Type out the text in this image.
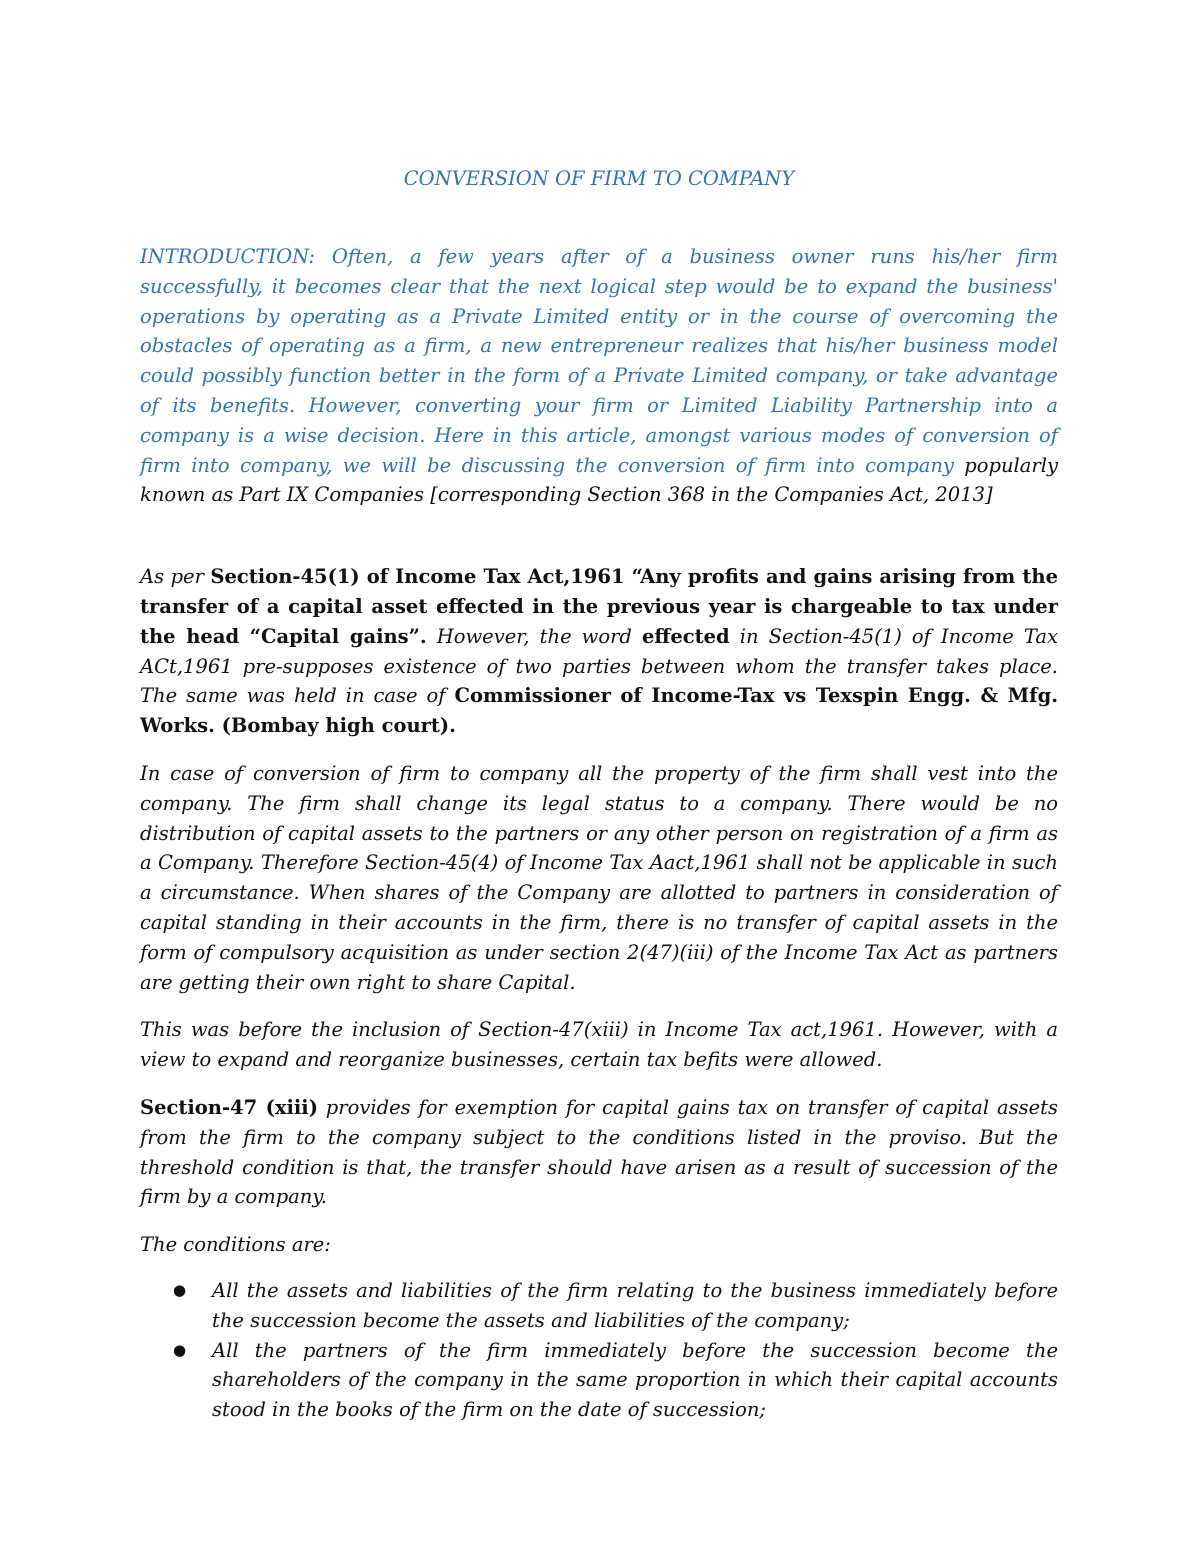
CONVERSION OF FIRM TO COMPANY

INTRODUCTION: Often, a few years after of a business owner runs his/her firm successfully, it becomes clear that the next logical step would be to expand the business' operations by operating as a Private Limited entity or in the course of overcoming the obstacles of operating as a firm, a new entrepreneur realizes that his/her business model could possibly function better in the form of a Private Limited company, or take advantage of its benefits. However, converting your firm or Limited Liability Partnership into a company is a wise decision. Here in this article, amongst various modes of conversion of firm into company, we will be discussing the conversion of firm into company popularly known as Part IX Companies [corresponding Section 368 in the Companies Act, 2013]

As per Section-45(1) of Income Tax Act,1961 “Any profits and gains arising from the transfer of a capital asset effected in the previous year is chargeable to tax under the head “Capital gains”. However, the word effected in Section-45(1) of Income Tax ACt,1961 pre-supposes existence of two parties between whom the transfer takes place. The same was held in case of Commissioner of Income-Tax vs Texspin Engg. & Mfg. Works. (Bombay high court).

In case of conversion of firm to company all the property of the firm shall vest into the company. The firm shall change its legal status to a company. There would be no distribution of capital assets to the partners or any other person on registration of a firm as a Company. Therefore Section-45(4) of Income Tax Aact,1961 shall not be applicable in such a circumstance. When shares of the Company are allotted to partners in consideration of capital standing in their accounts in the firm, there is no transfer of capital assets in the form of compulsory acquisition as under section 2(47)(iii) of the Income Tax Act as partners are getting their own right to share Capital.

This was before the inclusion of Section-47(xiii) in Income Tax act,1961. However, with a view to expand and reorganize businesses, certain tax befits were allowed.

Section-47 (xiii) provides for exemption for capital gains tax on transfer of capital assets from the firm to the company subject to the conditions listed in the proviso. But the threshold condition is that, the transfer should have arisen as a result of succession of the firm by a company.

The conditions are:

● All the assets and liabilities of the firm relating to the business immediately before the succession become the assets and liabilities of the company;
● All the partners of the firm immediately before the succession become the shareholders of the company in the same proportion in which their capital accounts stood in the books of the firm on the date of succession;
